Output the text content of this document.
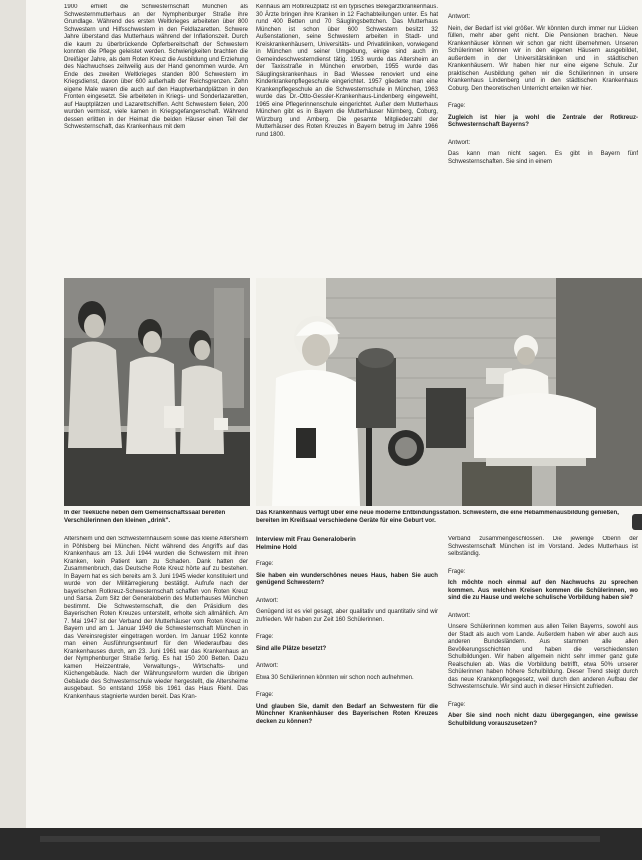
1900 erhielt die Schwesternschaft München als Schwesternmutterhaus an der Nymphenburger Straße ihre Grundlage. Während des ersten Weltkrieges arbeiteten über 800 Schwestern und Hilfsschwestern in den Feldlazaretten. Schwere Jahre überstand das Mutterhaus während der Inflationszeit. Durch die kaum zu überbrückende Opferbereitschaft der Schwestern konnten die Pflege geleistet werden. Schwierigkeiten brachten die Dreißiger Jahre, als dem Roten Kreuz die Ausbildung und Erziehung des Nachwuchses zeitweilig aus der Hand genommen wurde. Am Ende des zweiten Weltkrieges standen 800 Schwestern im Kriegsdienst, davon über 600 außerhalb der Reichsgrenzen. Zehn eigene Male waren die auch auf den Hauptverbandplätzen in den Fronten eingesetzt. Sie arbeiteten in Kriegs- und Sonderlazaretten, auf Hauptplätzen und Lazarettschiffen. Acht Schwestern fielen, 200 wurden vermisst, viele kamen in Kriegsgefangenschaft. Während dessen erlitten in der Heimat die beiden Häuser einen Teil der Schwesternschaft, das Krankenhaus mit dem

Kenhaus am Rotkreuzplatz ist ein typisches Belegarztkrankenhaus. 30 Ärzte bringen ihre Kranken in 12 Fachabteilungen unter. Es hat rund 400 Betten und 70 Säuglingsbettchen. Das Mutterhaus München ist schon über 600 Schwestern besitzt 32 Außenstationen, seine Schwestern arbeiten in Stadt- und Kreiskrankenhäusern, Universitäts- und Privatkliniken, vorwiegend in München und seiner Umgebung, einige sind auch im Gemeindeschwesterndienst tätig. 1953 wurde das Altersheim an der Taxisstraße in München erworben, 1955 wurde das Säuglingskrankenhaus in Bad Wiessee renoviert und eine Kinderkrankenpflegeschule eingerichtet. 1957 gliederte man eine Krankenpflegeschule an die Schwesternschule in München, 1963 wurde das Dr.-Otto-Gessler-Krankenhaus-Lindenberg eingeweiht, 1965 eine Pflegerinnenschule eingerichtet. Außer dem Mutterhaus München gibt es in Bayern die Mutterhäuser Nürnberg, Coburg, Würzburg und Amberg. Die gesamte Mitgliederzahl der Mutterhäuser des Roten Kreuzes in Bayern betrug im Jahre 1966 rund 1800.

Antwort:

Nein, der Bedarf ist viel größer. Wir könnten durch immer nur Lücken füllen, mehr aber geht nicht. Die Pensionen brachen. Neue Krankenhäuser können wir schon gar nicht übernehmen. Unseren Schülerinnen können wir in den eigenen Häusern ausgebildet, außerdem in der Universitätskliniken und in städtischen Krankenhäusern. Wir haben hier nur eine eigene Schule. Zur praktischen Ausbildung gehen wir die Schülerinnen in unsere Krankenhaus Lindenberg und in den städtischen Krankenhaus Coburg. Den theoretischen Unterricht erteilen wir hier.

Frage:

Zugleich ist hier ja wohl die Zentrale der Rotkreuz-Schwesternschaft Bayerns?

Antwort:

Das kann man nicht sagen. Es gibt in Bayern fünf Schwesternschaften. Sie sind in einem

In der Teeküche neben dem Gemeinschaftssaal bereiten Verschülerinnen den kleinen „drink".
Das Krankenhaus verfügt über eine neue moderne Entbindungsstation. Schwestern, die eine Hebammenausbildung genießen, bereiten im Kreißsaal verschiedene Geräte für eine Geburt vor.

Altersheim und den Schwesternhäusern sowie das kleine Altersheim in Pöhlsberg bei München. Nicht während des Angriffs auf das Krankenhaus am 13. Juli 1944 wurden die Schwestern mit ihren Kranken, kein Patient kam zu Schaden. Dank hatten der Zusammenbruch, das Deutsche Rote Kreuz hörte auf zu bestehen. In Bayern hat es sich bereits am 3. Juni 1945 wieder konstituiert und wurde von der Militärregierung bestätigt. Aufrufe nach der bayerischen Rotkreuz-Schwesternschaft schaffen von Roten Kreuz und Sarsa. Zum Sitz der Generaloberin des Mutterhauses München bestimmt. Die Schwesternschaft, die den Präsidium des Bayerischen Roten Kreuzes unterstellt, erholte sich allmählich. Am 7. Mai 1947 ist der Verband der Mutterhäuser vom Roten Kreuz in Bayern und am 1. Januar 1949 die Schwesternschaft München in das Vereinsregister eingetragen worden. Im Januar 1952 konnte man einen Ausführungsentwurf für den Wiederaufbau des Krankenhauses durch, am 23. Juni 1961 war das Krankenhaus an der Nymphenburger Straße fertig. Es hat 150 200 Betten. Dazu kamen Heizzentrale, Verwaltungs-, Wirtschafts- und Küchengebäude. Nach der Währungsreform wurden die übrigen Gebäude des Schwesternschule wieder hergestellt, die Altersheime ausgebaut. So entstand 1958 bis 1961 das Haus Riehl. Das Krankenhaus stagnierte wurden bereit. Das Kran-

Interview mit Frau Generaloberin

Helmine Hold

Frage:

Sie haben ein wunderschönes neues Haus, haben Sie auch genügend Schwestern?

Antwort:

Genügend ist es viel gesagt, aber qualitativ und quantitativ sind wir zufrieden. Wir haben zur Zeit 160 Schülerinnen.

Frage:

Sind alle Plätze besetzt?

Antwort:

Etwa 30 Schülerinnen könnten wir schon noch aufnehmen.

Frage:

Und glauben Sie, damit den Bedarf an Schwestern für die Münchner Krankenhäuser des Bayerischen Roten Kreuzes decken zu können?

Verband zusammengeschlossen. Die jeweilige Oberin der Schwesternschaft München ist im Vorstand. Jedes Mutterhaus ist selbständig.

Frage:

Ich möchte noch einmal auf den Nachwuchs zu sprechen kommen. Aus welchen Kreisen kommen die Schülerinnen, wo sind die zu Hause und welche schulische Vorbildung haben sie?

Antwort:

Unsere Schülerinnen kommen aus allen Teilen Bayerns, sowohl aus der Stadt als auch vom Lande. Außerdem haben wir aber auch aus anderen Bundesländern. Aus stammen alle allen Bevölkerungsschichten und haben die verschiedensten Schulbildungen. Wir haben allgemein nicht sehr immer ganz gute Realschulen ab. Was die Vorbildung betrifft, etwa 50% unserer Schülerinnen haben höhere Schulbildung. Dieser Trend steigt durch das neue Krankenpflegegesetz, weil durch den anderen Aufbau der Schwesternschule. Wir sind auch in dieser Hinsicht zufrieden.

Frage:

Aber Sie sind noch nicht dazu übergegangen, eine gewisse Schulbildung vorauszusetzen?
